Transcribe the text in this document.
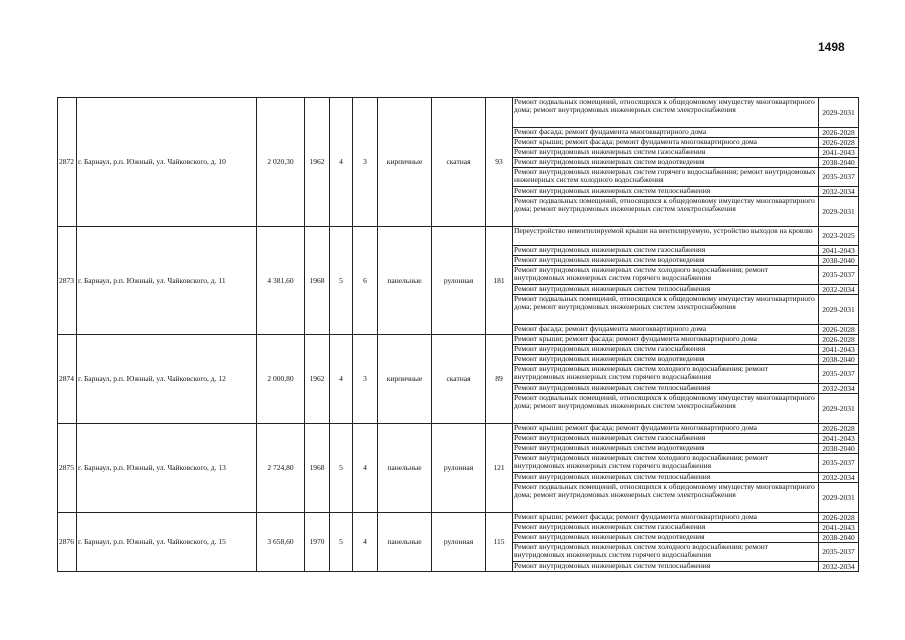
1498
2872	г. Барнаул, р.п. Южный, ул. Чайковского, д. 10	2 020,30	1962	4	3	кирпичные	скатная	93	Ремонт подвальных помещений, относящихся к общедомовому имуществу многоквартирного дома; ремонт внутридомовых инженерных систем электроснабжения	2029-2031
									Ремонт фасада; ремонт фундамента многоквартирного дома	2026-2028
									Ремонт крыши; ремонт фасада; ремонт фундамента многоквартирного дома	2026-2028
									Ремонт внутридомовых инженерных систем газоснабжения	2041-2043
									Ремонт внутридомовых инженерных систем водоотведения	2038-2040
									Ремонт внутридомовых инженерных систем горячего водоснабжения; ремонт внутридомовых инженерных систем холодного водоснабжения	2035-2037
									Ремонт внутридомовых инженерных систем теплоснабжения	2032-2034
									Ремонт подвальных помещений, относящихся к общедомовому имуществу многоквартирного дома; ремонт внутридомовых инженерных систем электроснабжения	2029-2031
2873	г. Барнаул, р.п. Южный, ул. Чайковского, д. 11	4 381,60	1968	5	6	панельные	рулонная	181	Переустройство невентилируемой крыши на вентилируемую, устройство выходов на кровлю	2023-2025
									Ремонт внутридомовых инженерных систем газоснабжения	2041-2043
									Ремонт внутридомовых инженерных систем водоотведения	2038-2040
									Ремонт внутридомовых инженерных систем холодного водоснабжения; ремонт внутридомовых инженерных систем горячего водоснабжения	2035-2037
									Ремонт внутридомовых инженерных систем теплоснабжения	2032-2034
									Ремонт подвальных помещений, относящихся к общедомовому имуществу многоквартирного дома; ремонт внутридомовых инженерных систем электроснабжения	2029-2031
									Ремонт фасада; ремонт фундамента многоквартирного дома	2026-2028
2874	г. Барнаул, р.п. Южный, ул. Чайковского, д. 12	2 000,80	1962	4	3	кирпичные	скатная	89	Ремонт крыши; ремонт фасада; ремонт фундамента многоквартирного дома	2026-2028
									Ремонт внутридомовых инженерных систем газоснабжения	2041-2043
									Ремонт внутридомовых инженерных систем водоотведения	2038-2040
									Ремонт внутридомовых инженерных систем холодного водоснабжения; ремонт внутридомовых инженерных систем горячего водоснабжения	2035-2037
									Ремонт внутридомовых инженерных систем теплоснабжения	2032-2034
									Ремонт подвальных помещений, относящихся к общедомовому имуществу многоквартирного дома; ремонт внутридомовых инженерных систем электроснабжения	2029-2031
2875	г. Барнаул, р.п. Южный, ул. Чайковского, д. 13	2 724,80	1968	5	4	панельные	рулонная	121	Ремонт крыши; ремонт фасада; ремонт фундамента многоквартирного дома	2026-2028
									Ремонт внутридомовых инженерных систем газоснабжения	2041-2043
									Ремонт внутридомовых инженерных систем водоотведения	2038-2040
									Ремонт внутридомовых инженерных систем холодного водоснабжения; ремонт внутридомовых инженерных систем горячего водоснабжения	2035-2037
									Ремонт внутридомовых инженерных систем теплоснабжения	2032-2034
									Ремонт подвальных помещений, относящихся к общедомовому имуществу многоквартирного дома; ремонт внутридомовых инженерных систем электроснабжения	2029-2031
2876	г. Барнаул, р.п. Южный, ул. Чайковского, д. 15	3 658,60	1970	5	4	панельные	рулонная	115	Ремонт крыши; ремонт фасада; ремонт фундамента многоквартирного дома	2026-2028
									Ремонт внутридомовых инженерных систем газоснабжения	2041-2043
									Ремонт внутридомовых инженерных систем водоотведения	2038-2040
									Ремонт внутридомовых инженерных систем холодного водоснабжения; ремонт внутридомовых инженерных систем горячего водоснабжения	2035-2037
									Ремонт внутридомовых инженерных систем теплоснабжения	2032-2034
